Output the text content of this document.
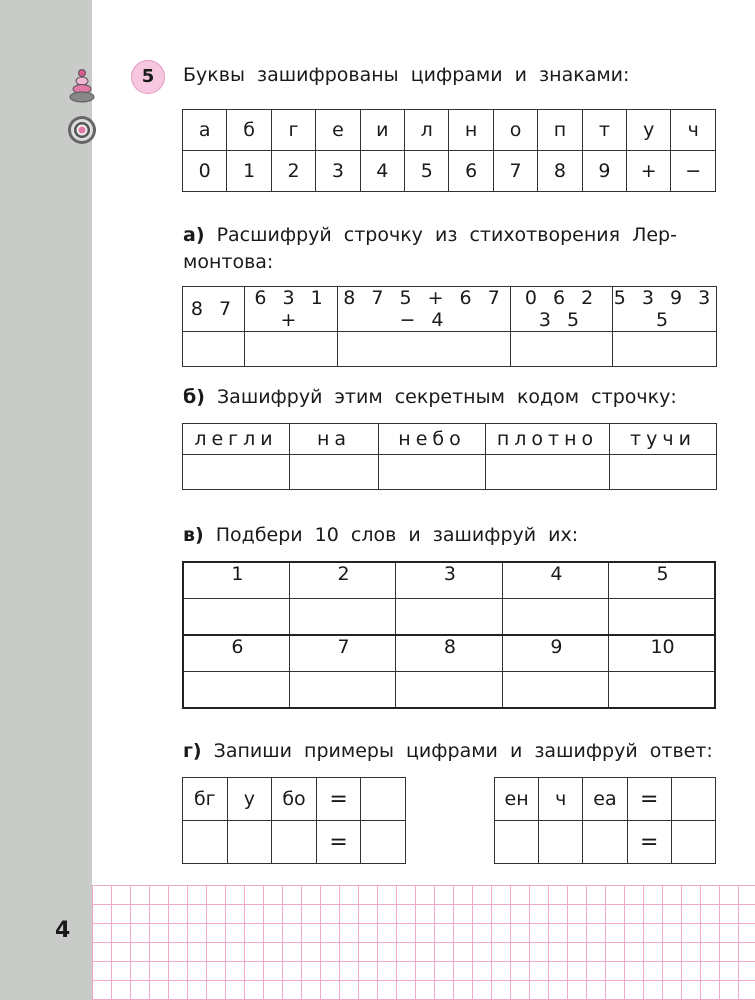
5	Буквы зашифрованы цифрами и знаками:
а	б	г	е	и	л	н	о	п	т	у	ч
0	1	2	3	4	5	6	7	8	9	+	−
а) Расшифруй строчку из стихотворения Лер-
монтова:
8 7	6 3 1 +	8 7 5 + 6 7 − 4	0 6 2 3 5	5 3 9 3 5

б) Зашифруй этим секретным кодом строчку:
легли	на	небо	плотно	тучи

в) Подбери 10 слов и зашифруй их:
1	2	3	4	5

6	7	8	9	10

г) Запиши примеры цифрами и зашифруй ответ:
бг	у	бо	=	
			=	
ен	ч	еа	=	
			=	
4
